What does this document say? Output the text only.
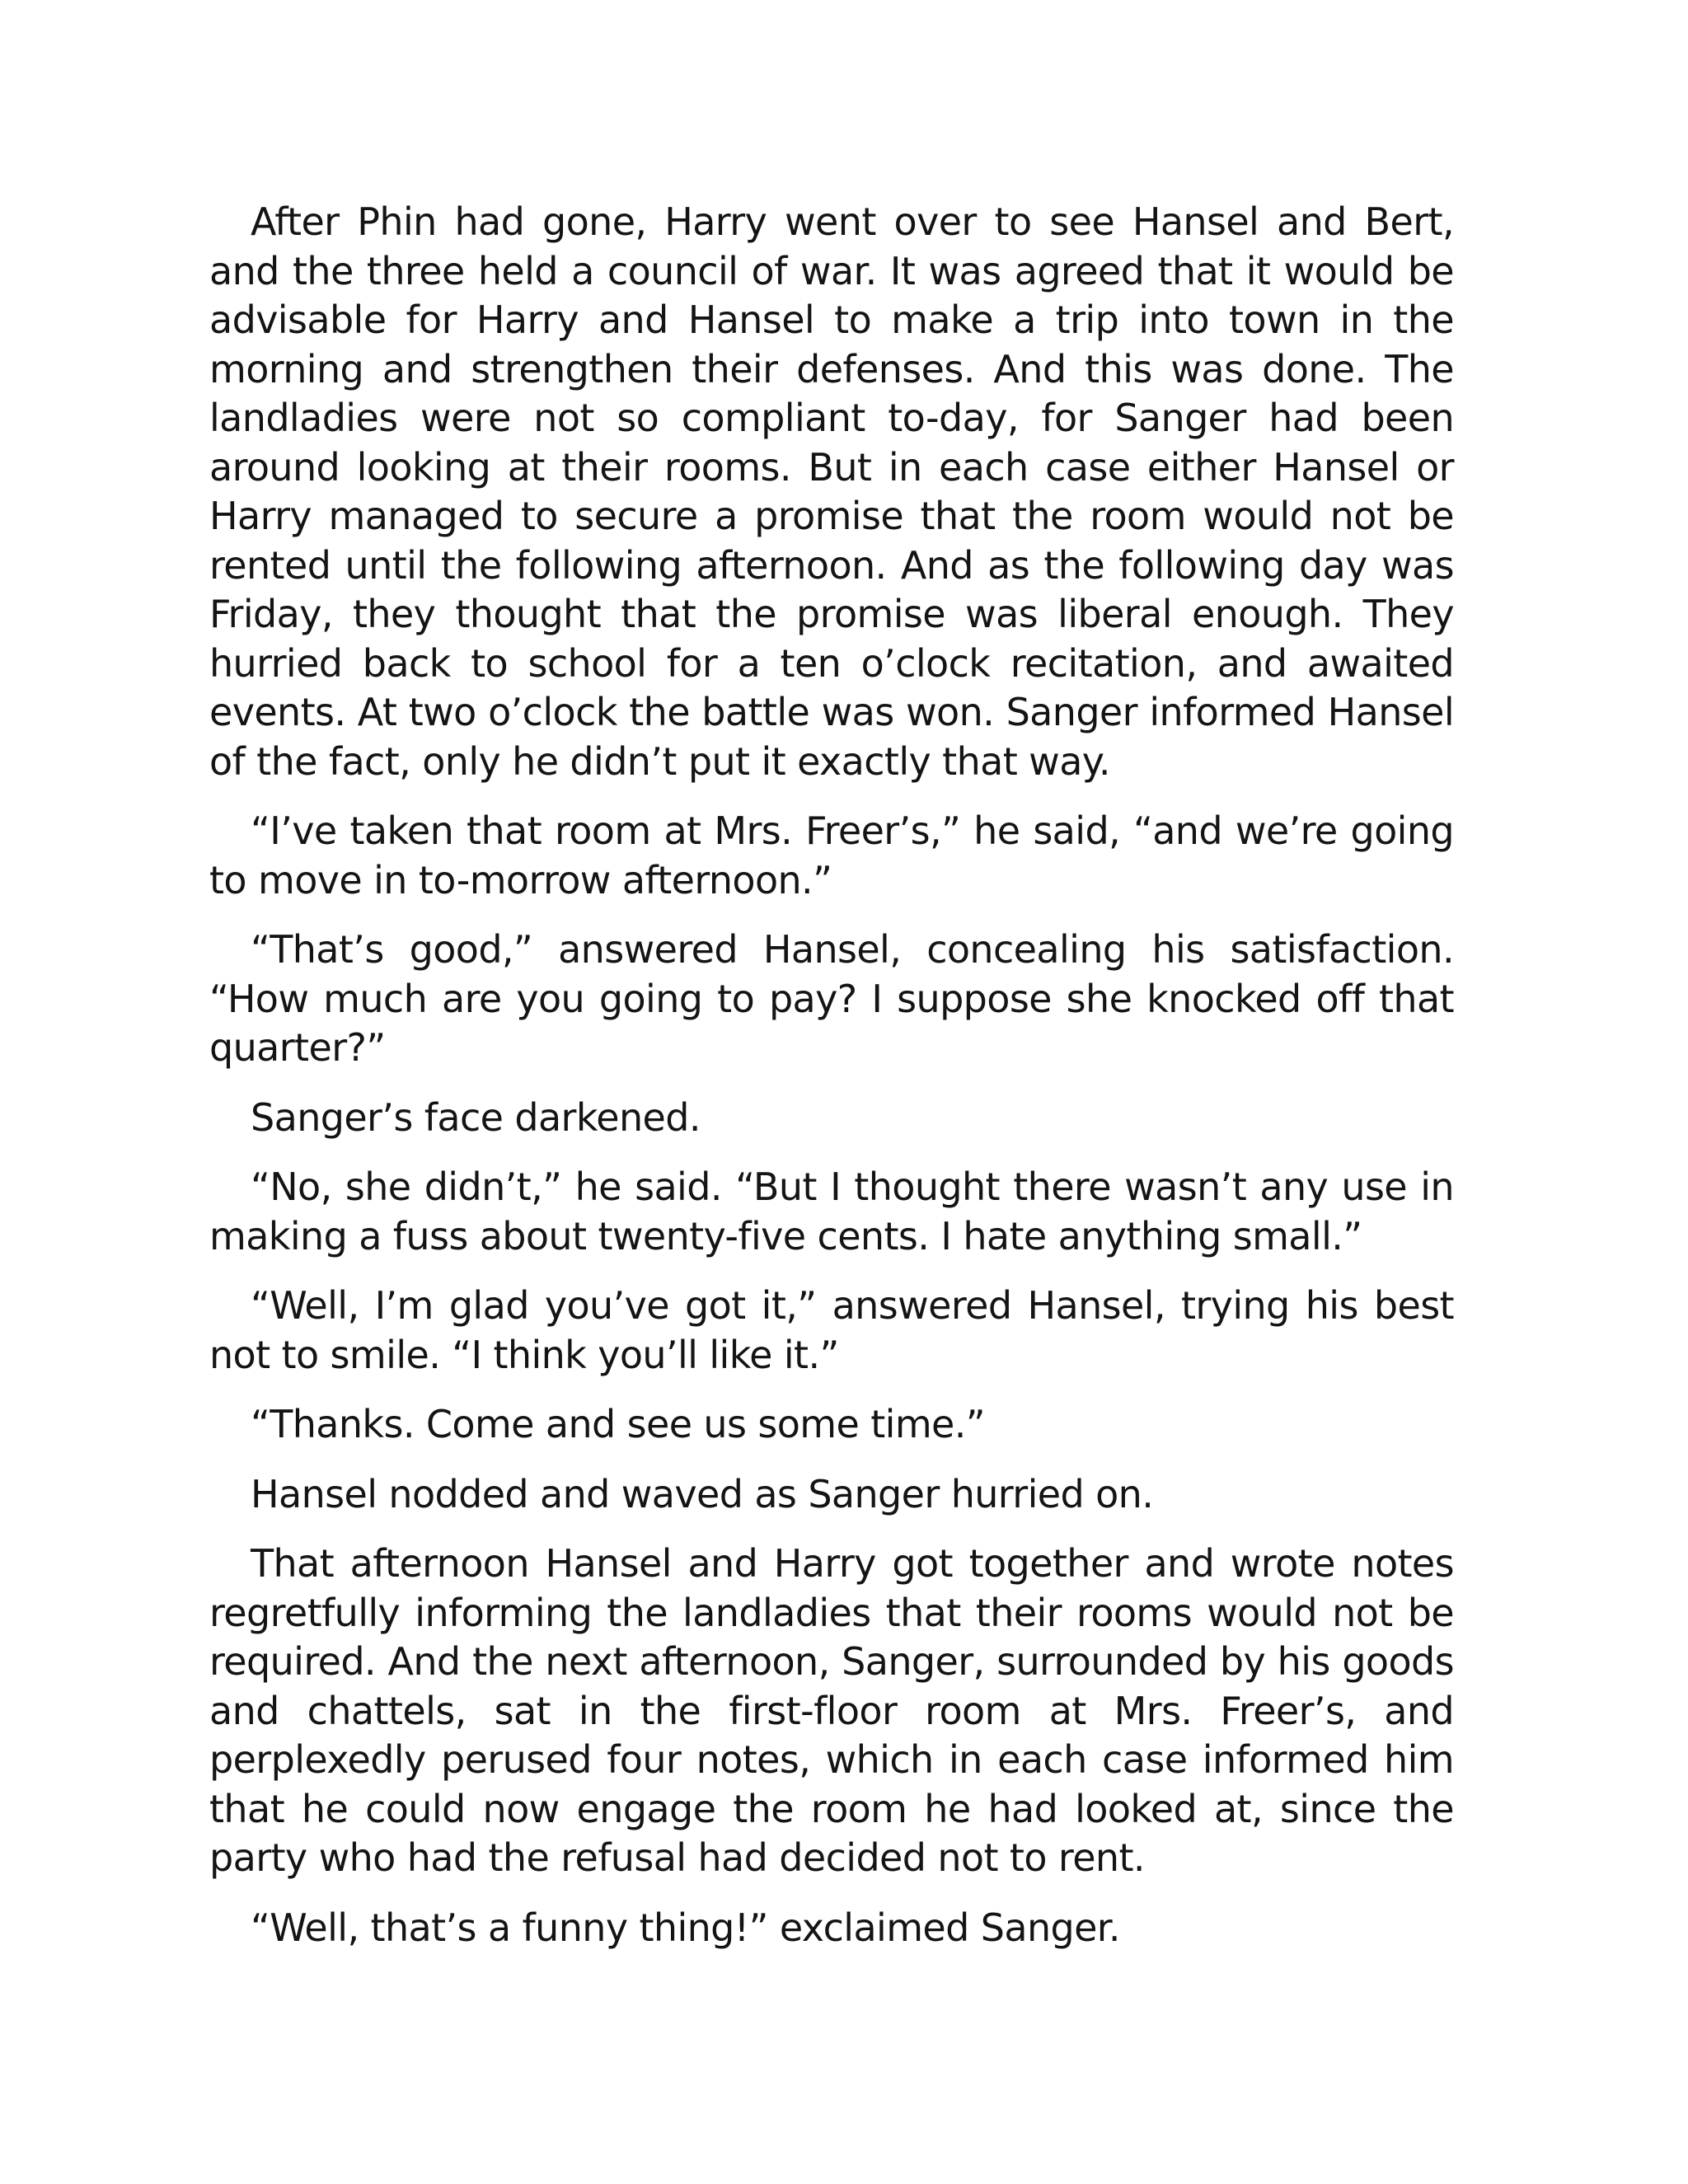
After Phin had gone, Harry went over to see Hansel and Bert, and the three held a council of war. It was agreed that it would be advisable for Harry and Hansel to make a trip into town in the morning and strengthen their defenses. And this was done. The landladies were not so compliant to-day, for Sanger had been around looking at their rooms. But in each case either Hansel or Harry managed to secure a promise that the room would not be rented until the following afternoon. And as the following day was Friday, they thought that the promise was liberal enough. They hurried back to school for a ten o’clock recitation, and awaited events. At two o’clock the battle was won. Sanger informed Hansel of the fact, only he didn’t put it exactly that way.

“I’ve taken that room at Mrs. Freer’s,” he said, “and we’re going to move in to-morrow afternoon.”

“That’s good,” answered Hansel, concealing his satisfaction. “How much are you going to pay? I suppose she knocked off that quarter?”

Sanger’s face darkened.

“No, she didn’t,” he said. “But I thought there wasn’t any use in making a fuss about twenty-five cents. I hate anything small.”

“Well, I’m glad you’ve got it,” answered Hansel, trying his best not to smile. “I think you’ll like it.”

“Thanks. Come and see us some time.”

Hansel nodded and waved as Sanger hurried on.

That afternoon Hansel and Harry got together and wrote notes regretfully informing the landladies that their rooms would not be required. And the next afternoon, Sanger, surrounded by his goods and chattels, sat in the first-floor room at Mrs. Freer’s, and perplexedly perused four notes, which in each case informed him that he could now engage the room he had looked at, since the party who had the refusal had decided not to rent.

“Well, that’s a funny thing!” exclaimed Sanger.
